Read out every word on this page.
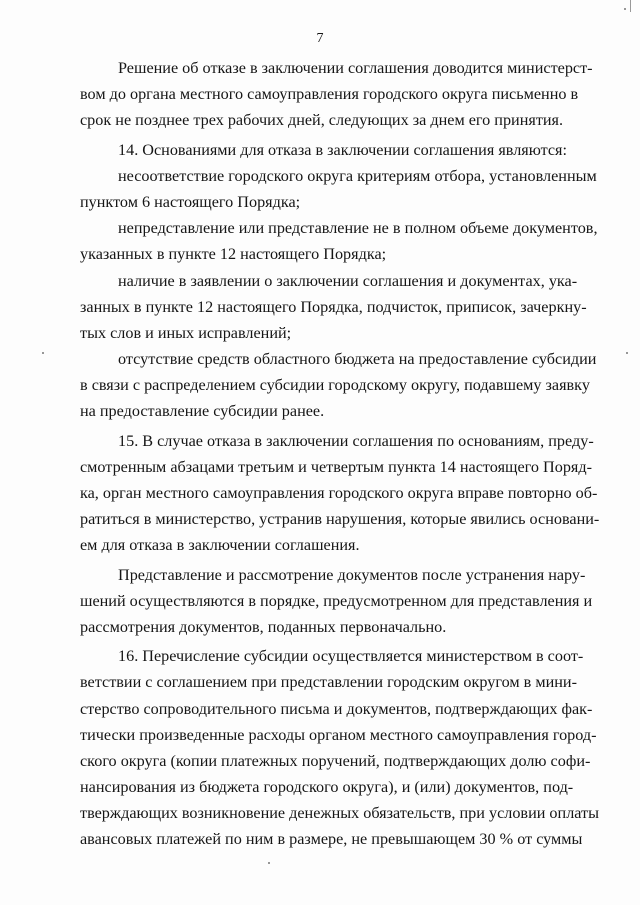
7
Решение об отказе в заключении соглашения доводится министерст-
вом до органа местного самоуправления городского округа письменно в
срок не позднее трех рабочих дней, следующих за днем его принятия.
14. Основаниями для отказа в заключении соглашения являются:
несоответствие городского округа критериям отбора, установленным
пунктом 6 настоящего Порядка;
непредставление или представление не в полном объеме документов,
указанных в пункте 12 настоящего Порядка;
наличие в заявлении о заключении соглашения и документах, ука-
занных в пункте 12 настоящего Порядка, подчисток, приписок, зачеркну-
тых слов и иных исправлений;
отсутствие средств областного бюджета на предоставление субсидии
в связи с распределением субсидии городскому округу, подавшему заявку
на предоставление субсидии ранее.
15. В случае отказа в заключении соглашения по основаниям, преду-
смотренным абзацами третьим и четвертым пункта 14 настоящего Поряд-
ка, орган местного самоуправления городского округа вправе повторно об-
ратиться в министерство, устранив нарушения, которые явились основани-
ем для отказа в заключении соглашения.
Представление и рассмотрение документов после устранения нару-
шений осуществляются в порядке, предусмотренном для представления и
рассмотрения документов, поданных первоначально.
16. Перечисление субсидии осуществляется министерством в соот-
ветствии с соглашением при представлении городским округом в мини-
стерство сопроводительного письма и документов, подтверждающих фак-
тически произведенные расходы органом местного самоуправления город-
ского округа (копии платежных поручений, подтверждающих долю софи-
нансирования из бюджета городского округа), и (или) документов, под-
тверждающих возникновение денежных обязательств, при условии оплаты
авансовых платежей по ним в размере, не превышающем 30 % от суммы
